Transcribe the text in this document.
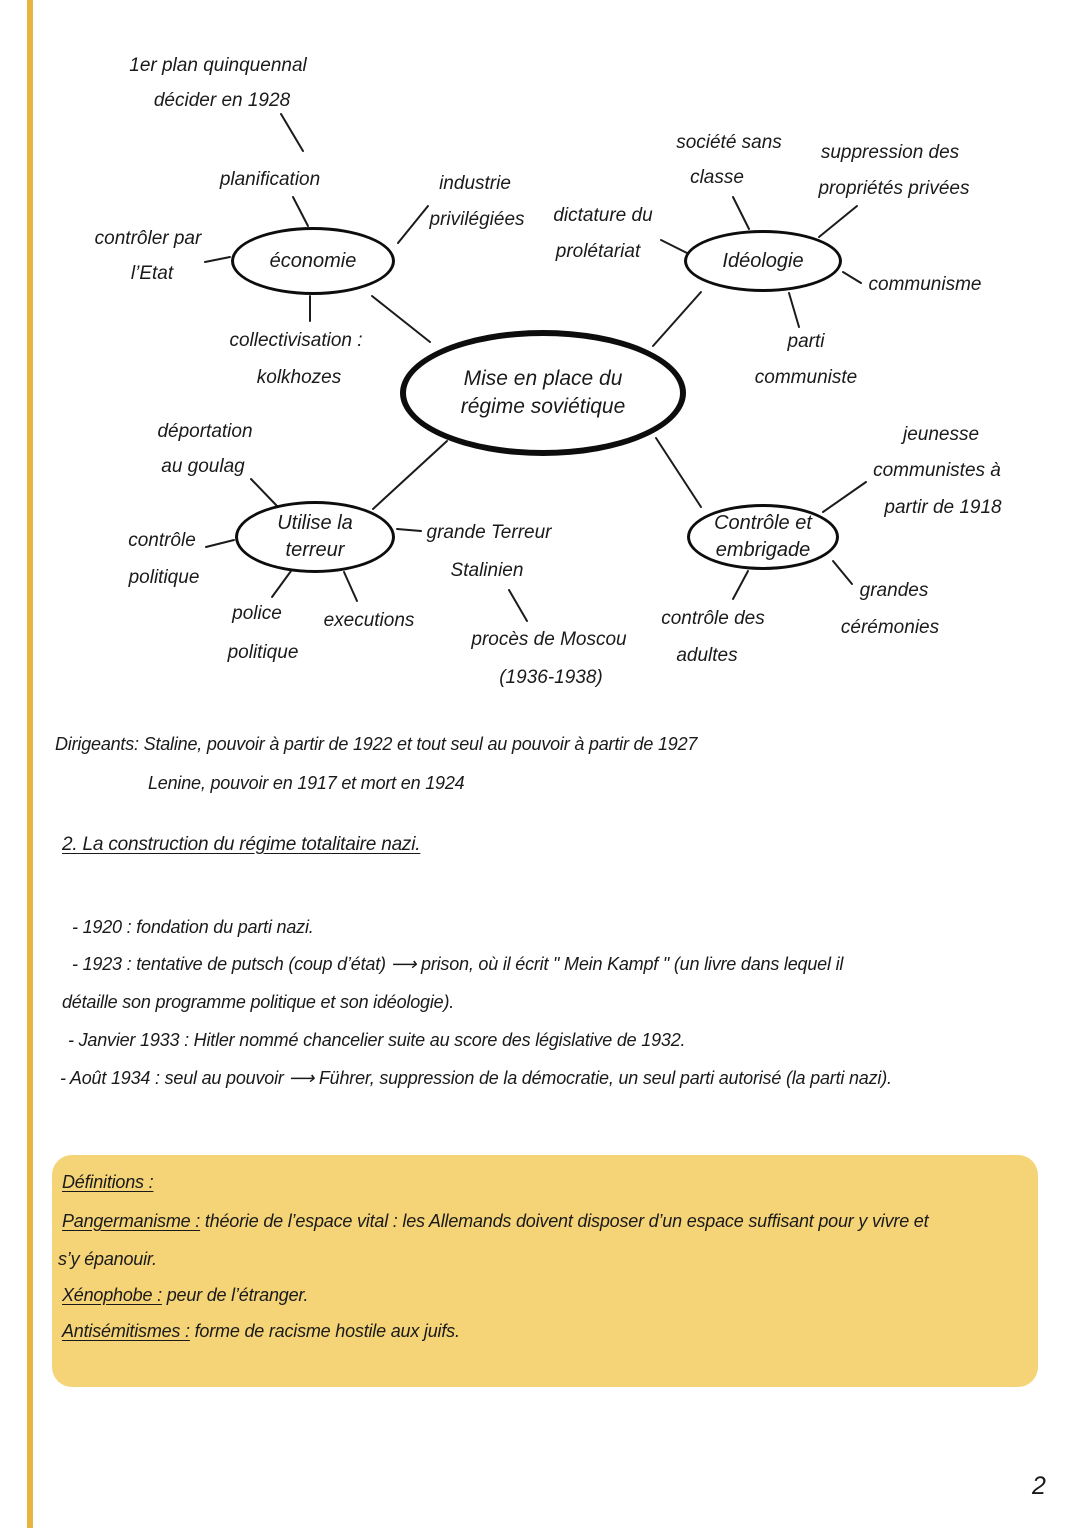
Mise en place du
régime soviétique
économie	Idéologie
Utilise la
terreur
Contrôle et
embrigade
1er plan quinquennal
décider en 1928
planification
contrôler par
l’Etat
collectivisation :
kolkhozes
industrie
privilégiées dictature du
prolétariat
société sans
classe
suppression des
propriétés privées
communisme
parti
communiste
déportation
au goulag
contrôle
politique
police
politique
executions
grande Terreur
Stalinien
procès de Moscou
(1936-1938)
jeunesse
communistes à
partir de 1918
grandes
cérémonies
contrôle des
adultes
Dirigeants: Staline, pouvoir à partir de 1922 et tout seul au pouvoir à partir de 1927
Lenine, pouvoir en 1917 et mort en 1924
2. La construction du régime totalitaire nazi.
- 1920 : fondation du parti nazi.
- 1923 : tentative de putsch (coup d’état) ⟶ prison, où il écrit " Mein Kampf " (un livre dans lequel il
détaille son programme politique et son idéologie).
- Janvier 1933 : Hitler nommé chancelier suite au score des législative de 1932.
- Août 1934 : seul au pouvoir ⟶ Führer, suppression de la démocratie, un seul parti autorisé (la parti nazi).
Définitions :
Pangermanisme : théorie de l’espace vital : les Allemands doivent disposer d’un espace suffisant pour y vivre et
s’y épanouir.
Xénophobe : peur de l’étranger.
Antisémitismes : forme de racisme hostile aux juifs.
2
